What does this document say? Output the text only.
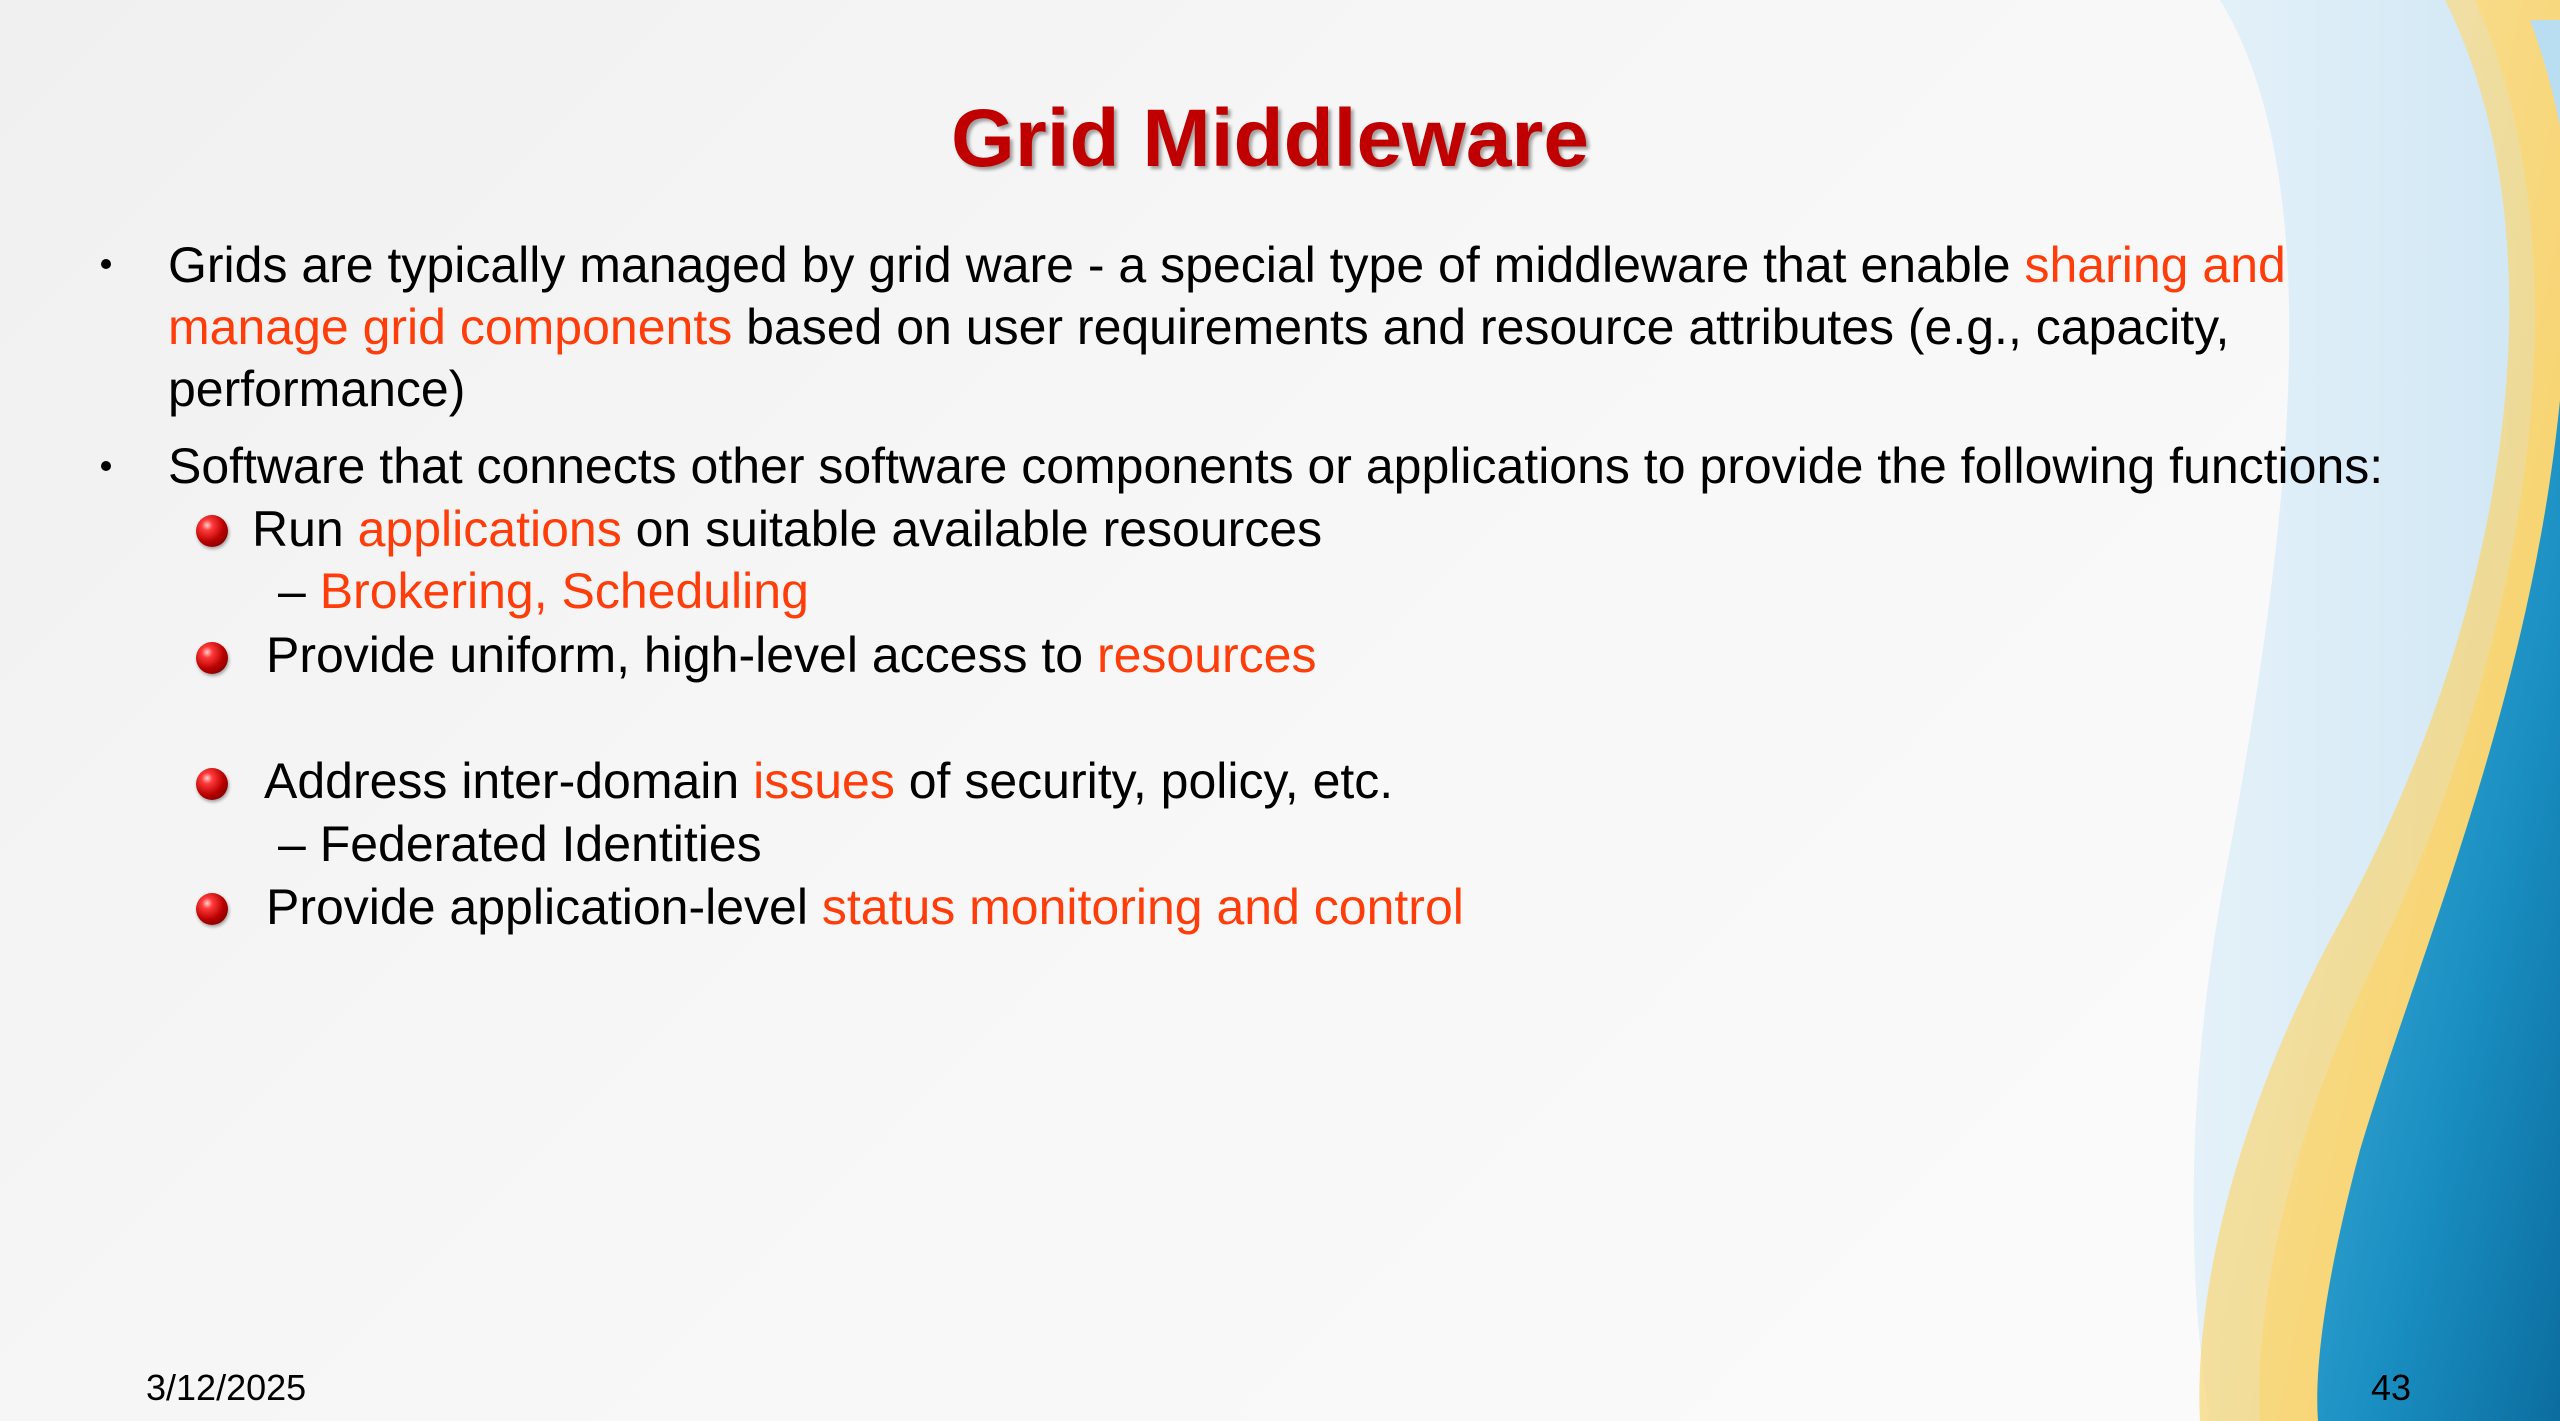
Grid Middleware
Grids are typically managed by grid ware - a special type of middleware that enable sharing and
manage grid components based on user requirements and resource attributes (e.g., capacity,
performance)
Software that connects other software components or applications to provide the following functions:
Run applications on suitable available resources
– Brokering, Scheduling
Provide uniform, high-level access to resources
Address inter-domain issues of security, policy, etc.
– Federated Identities
Provide application-level status monitoring and control
3/12/2025	43
